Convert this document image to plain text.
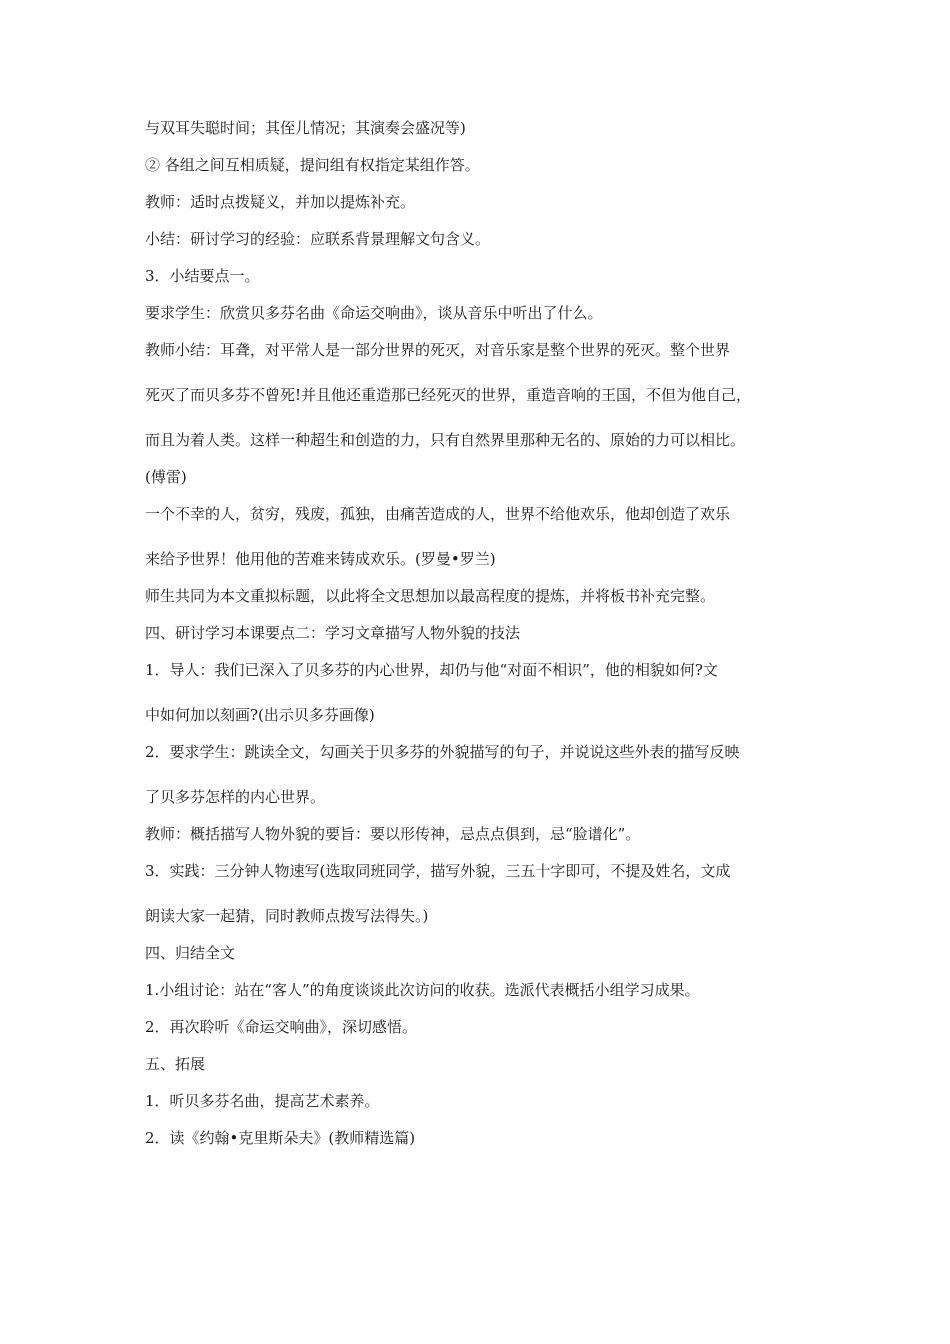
与双耳失聪时间；其侄儿情况；其演奏会盛况等)

② 各组之间互相质疑，提问组有权指定某组作答。

教师：适时点拨疑义，并加以提炼补充。

小结：研讨学习的经验：应联系背景理解文句含义。

3．小结要点一。

要求学生：欣赏贝多芬名曲《命运交响曲》，谈从音乐中听出了什么。

教师小结：耳聋，对平常人是一部分世界的死灭，对音乐家是整个世界的死灭。整个世界

死灭了而贝多芬不曾死!并且他还重造那已经死灭的世界，重造音响的王国，不但为他自己，

而且为着人类。这样一种超生和创造的力，只有自然界里那种无名的、原始的力可以相比。

(傅雷)

一个不幸的人，贫穷，残废，孤独，由痛苦造成的人，世界不给他欢乐，他却创造了欢乐

来给予世界！他用他的苦难来铸成欢乐。(罗曼•罗兰)

师生共同为本文重拟标题，以此将全文思想加以最高程度的提炼，并将板书补充完整。

四、研讨学习本课要点二：学习文章描写人物外貌的技法

1．导人：我们已深入了贝多芬的内心世界，却仍与他“对面不相识”，他的相貌如何?文

中如何加以刻画?(出示贝多芬画像)

2．要求学生：跳读全文，勾画关于贝多芬的外貌描写的句子，并说说这些外表的描写反映

了贝多芬怎样的内心世界。

教师：概括描写人物外貌的要旨：要以形传神，忌点点俱到，忌“脸谱化”。

3．实践：三分钟人物速写(选取同班同学，描写外貌，三五十字即可，不提及姓名，文成

朗读大家一起猜，同时教师点拨写法得失。)

四、归结全文

1.小组讨论：站在“客人”的角度谈谈此次访问的收获。选派代表概括小组学习成果。

2．再次聆听《命运交响曲》，深切感悟。

五、拓展

1．听贝多芬名曲，提高艺术素养。

2．读《约翰•克里斯朵夫》(教师精选篇)
